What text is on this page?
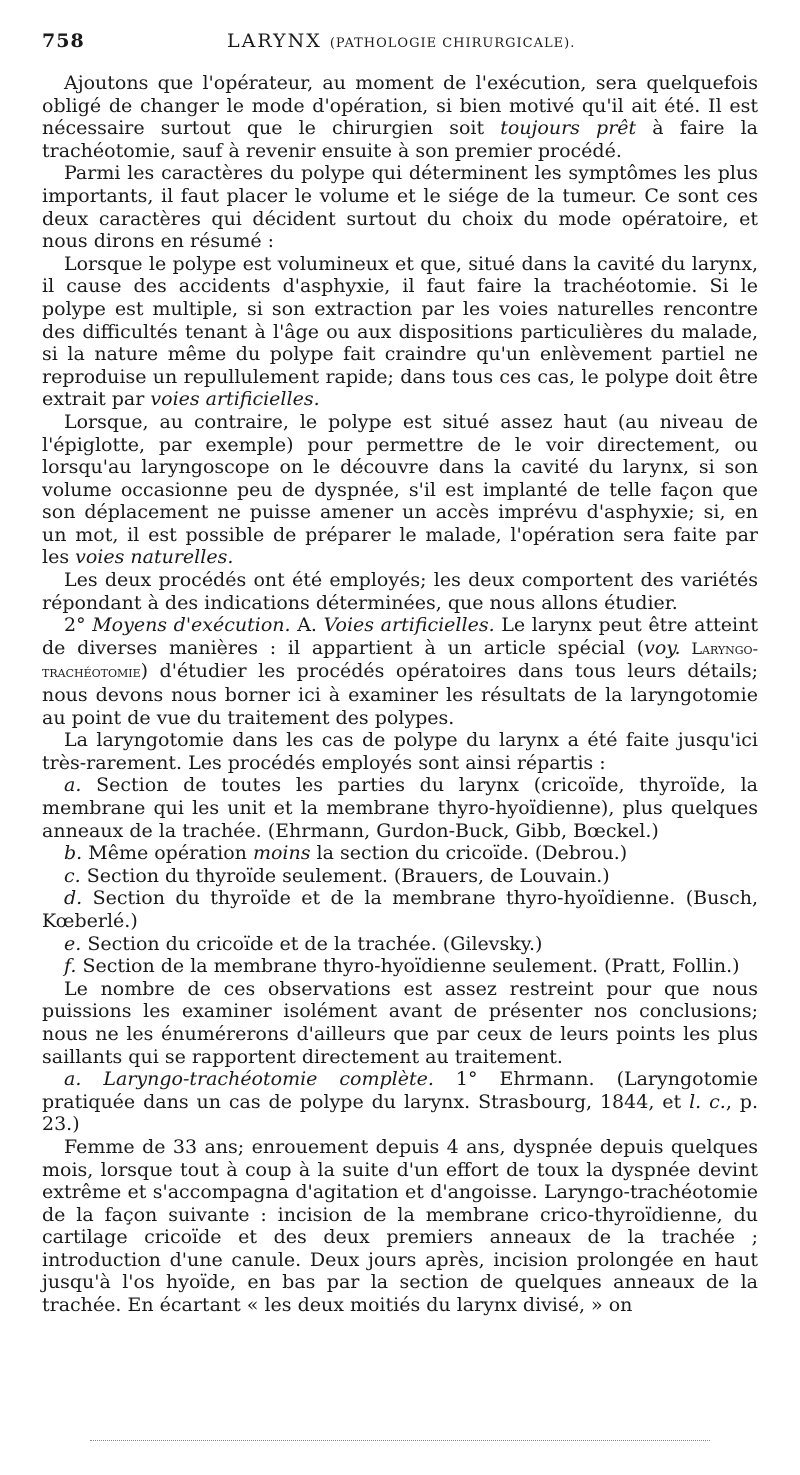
758	LARYNX (PATHOLOGIE CHIRURGICALE).

Ajoutons que l'opérateur, au moment de l'exécution, sera quelquefois obligé de changer le mode d'opération, si bien motivé qu'il ait été. Il est nécessaire surtout que le chirurgien soit toujours prêt à faire la trachéotomie, sauf à revenir ensuite à son premier procédé.

Parmi les caractères du polype qui déterminent les symptômes les plus importants, il faut placer le volume et le siége de la tumeur. Ce sont ces deux caractères qui décident surtout du choix du mode opératoire, et nous dirons en résumé :

Lorsque le polype est volumineux et que, situé dans la cavité du larynx, il cause des accidents d'asphyxie, il faut faire la trachéotomie. Si le polype est multiple, si son extraction par les voies naturelles rencontre des difficultés tenant à l'âge ou aux dispositions particulières du malade, si la nature même du polype fait craindre qu'un enlèvement partiel ne reproduise un repullulement rapide; dans tous ces cas, le polype doit être extrait par voies artificielles.

Lorsque, au contraire, le polype est situé assez haut (au niveau de l'épiglotte, par exemple) pour permettre de le voir directement, ou lorsqu'au laryngoscope on le découvre dans la cavité du larynx, si son volume occasionne peu de dyspnée, s'il est implanté de telle façon que son déplacement ne puisse amener un accès imprévu d'asphyxie; si, en un mot, il est possible de préparer le malade, l'opération sera faite par les voies naturelles.

Les deux procédés ont été employés; les deux comportent des variétés répondant à des indications déterminées, que nous allons étudier.

2° Moyens d'exécution. A. Voies artificielles. Le larynx peut être atteint de diverses manières : il appartient à un article spécial (voy. Laryngo-trachéotomie) d'étudier les procédés opératoires dans tous leurs détails; nous devons nous borner ici à examiner les résultats de la laryngotomie au point de vue du traitement des polypes.

La laryngotomie dans les cas de polype du larynx a été faite jusqu'ici très-rarement. Les procédés employés sont ainsi répartis :

a. Section de toutes les parties du larynx (cricoïde, thyroïde, la membrane qui les unit et la membrane thyro-hyoïdienne), plus quelques anneaux de la trachée. (Ehrmann, Gurdon-Buck, Gibb, Bœckel.)

b. Même opération moins la section du cricoïde. (Debrou.)

c. Section du thyroïde seulement. (Brauers, de Louvain.)

d. Section du thyroïde et de la membrane thyro-hyoïdienne. (Busch, Kœberlé.)

e. Section du cricoïde et de la trachée. (Gilevsky.)

f. Section de la membrane thyro-hyoïdienne seulement. (Pratt, Follin.)

Le nombre de ces observations est assez restreint pour que nous puissions les examiner isolément avant de présenter nos conclusions; nous ne les énumérerons d'ailleurs que par ceux de leurs points les plus saillants qui se rapportent directement au traitement.

a. Laryngo-trachéotomie complète. 1° Ehrmann. (Laryngotomie pratiquée dans un cas de polype du larynx. Strasbourg, 1844, et l. c., p. 23.)

Femme de 33 ans; enrouement depuis 4 ans, dyspnée depuis quelques mois, lorsque tout à coup à la suite d'un effort de toux la dyspnée devint extrême et s'accompagna d'agitation et d'angoisse. Laryngo-trachéotomie de la façon suivante : incision de la membrane crico-thyroïdienne, du cartilage cricoïde et des deux premiers anneaux de la trachée ; introduction d'une canule. Deux jours après, incision prolongée en haut jusqu'à l'os hyoïde, en bas par la section de quelques anneaux de la trachée. En écartant « les deux moitiés du larynx divisé, » on
